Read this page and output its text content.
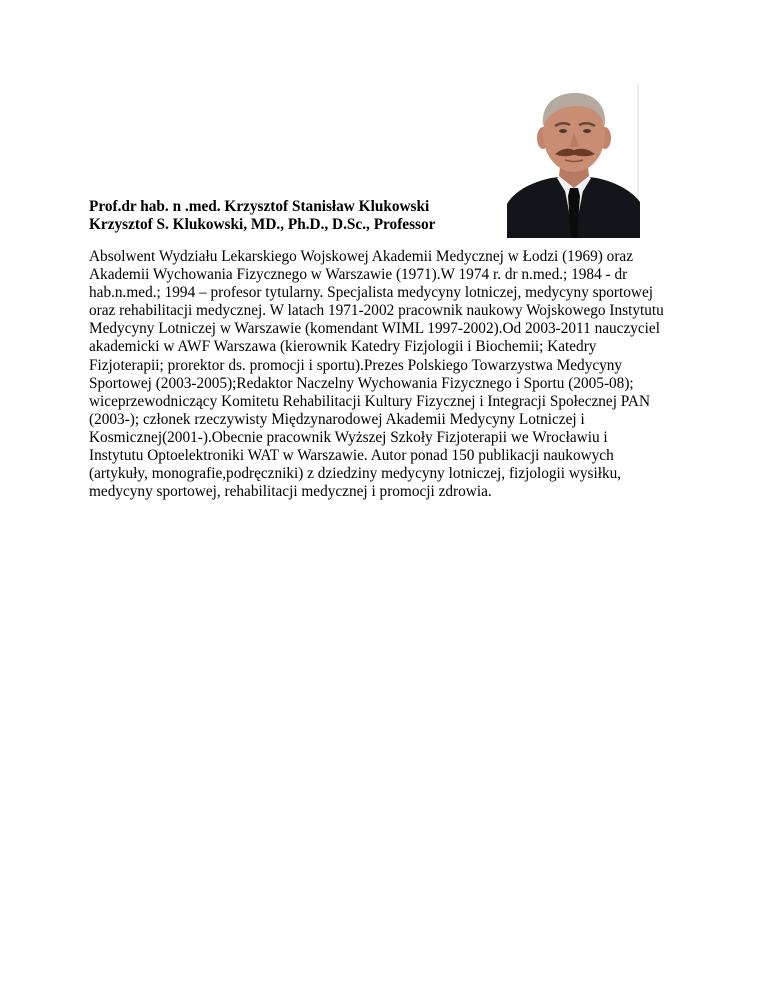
Prof.dr hab. n .med. Krzysztof Stanisław Klukowski
Krzysztof S. Klukowski, MD., Ph.D., D.Sc., Professor

Absolwent Wydziału Lekarskiego Wojskowej Akademii Medycznej w Łodzi (1969) oraz
Akademii Wychowania Fizycznego w Warszawie (1971).W 1974 r. dr n.med.; 1984 - dr
hab.n.med.; 1994 – profesor tytularny. Specjalista medycyny lotniczej, medycyny sportowej
oraz rehabilitacji medycznej. W latach 1971-2002 pracownik naukowy Wojskowego Instytutu
Medycyny Lotniczej w Warszawie (komendant WIML 1997-2002).Od 2003-2011 nauczyciel
akademicki w AWF Warszawa (kierownik Katedry Fizjologii i Biochemii; Katedry
Fizjoterapii; prorektor ds. promocji i sportu).Prezes Polskiego Towarzystwa Medycyny
Sportowej (2003-2005);Redaktor Naczelny Wychowania Fizycznego i Sportu (2005-08);
wiceprzewodniczący Komitetu Rehabilitacji Kultury Fizycznej i Integracji Społecznej PAN
(2003-); członek rzeczywisty Międzynarodowej Akademii Medycyny Lotniczej i
Kosmicznej(2001-).Obecnie pracownik Wyższej Szkoły Fizjoterapii we Wrocławiu i
Instytutu Optoelektroniki WAT w Warszawie. Autor ponad 150 publikacji naukowych
(artykuły, monografie,podręczniki) z dziedziny medycyny lotniczej, fizjologii wysiłku,
medycyny sportowej, rehabilitacji medycznej i promocji zdrowia.
